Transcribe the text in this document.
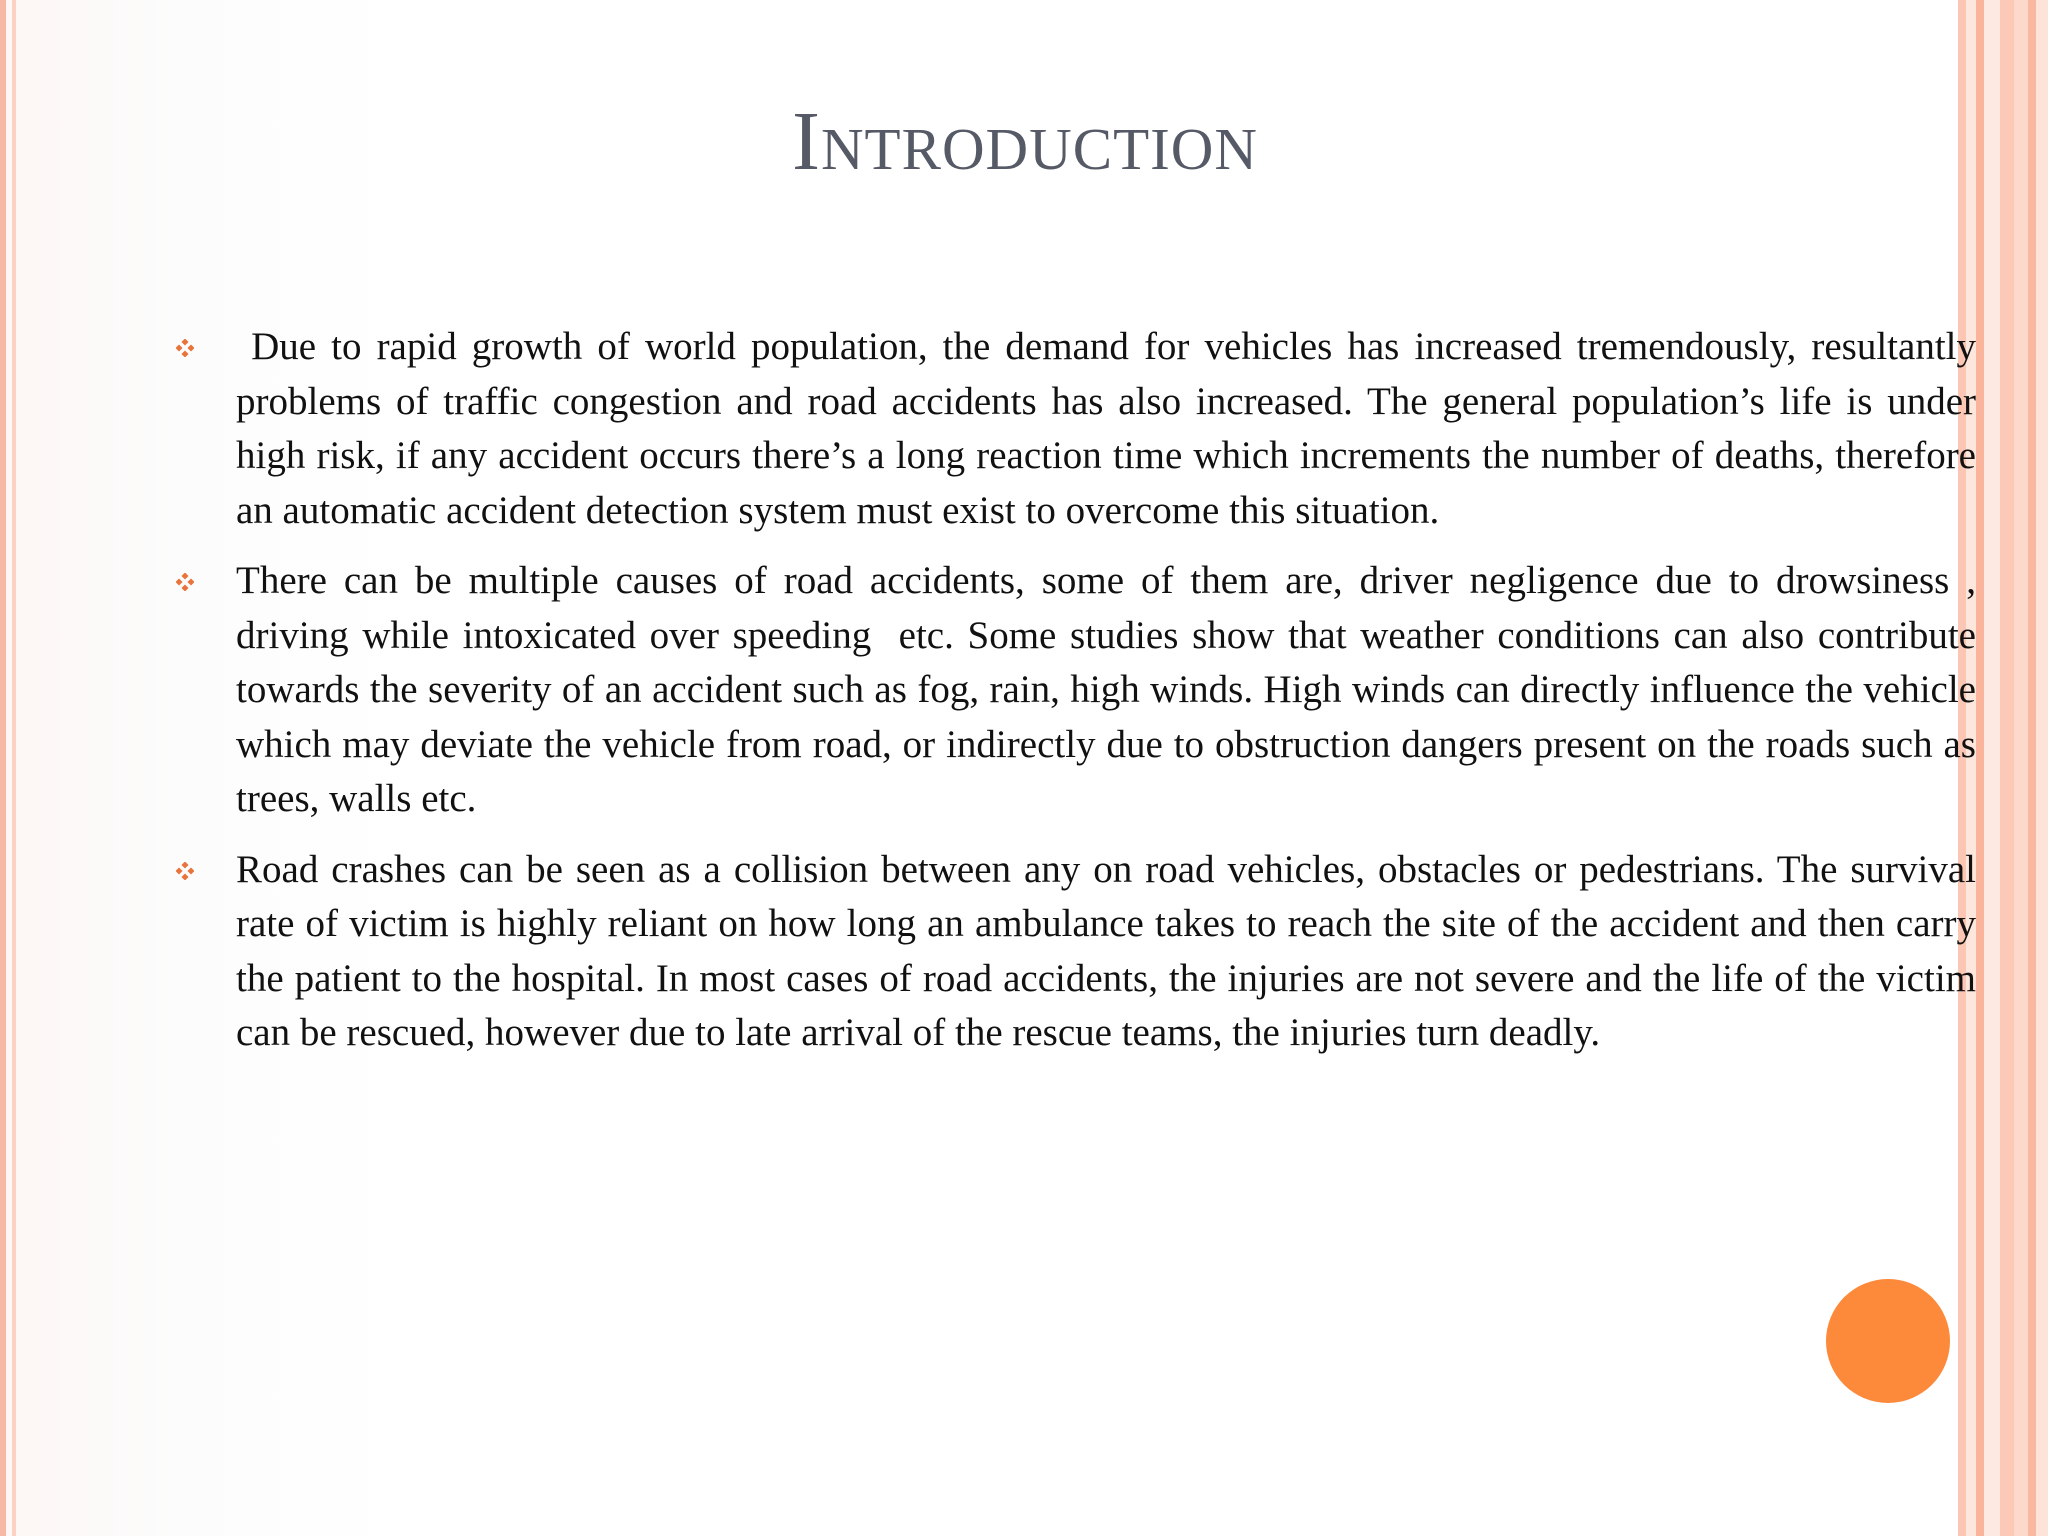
Introduction
Due to rapid growth of world population, the demand for vehicles has increased tremendously, resultantly problems of traffic congestion and road accidents has also increased. The general population’s life is under high risk, if any accident occurs there’s a long reaction time which increments the number of deaths, therefore an automatic accident detection system must exist to overcome this situation.
There can be multiple causes of road accidents, some of them are, driver negligence due to drowsiness , driving while intoxicated over speeding  etc. Some studies show that weather conditions can also contribute towards the severity of an accident such as fog, rain, high winds. High winds can directly influence the vehicle which may deviate the vehicle from road, or indirectly due to obstruction dangers present on the roads such as trees, walls etc.
Road crashes can be seen as a collision between any on road vehicles, obstacles or pedestrians. The survival rate of victim is highly reliant on how long an ambulance takes to reach the site of the accident and then carry the patient to the hospital. In most cases of road accidents, the injuries are not severe and the life of the victim can be rescued, however due to late arrival of the rescue teams, the injuries turn deadly.
